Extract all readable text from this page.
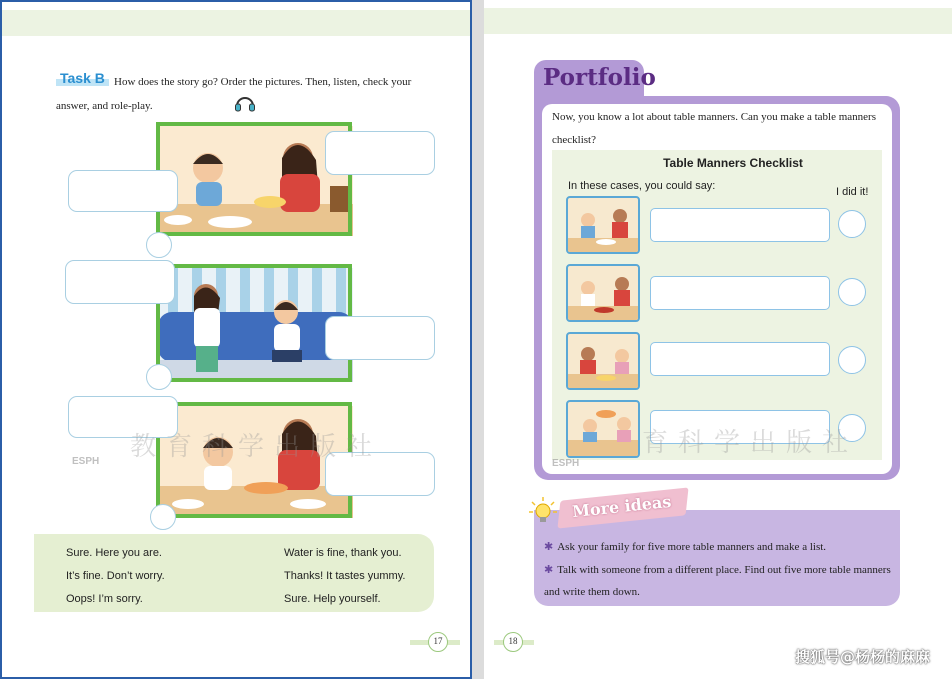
How does the story go? Order the pictures. Then, listen, check your answer, and role-play.
Task B
ESPH 教育科学出版社
Sure. Here you are.
It’s fine. Don’t worry.
Oops! I’m sorry.
Water is fine, thank you.
Thanks! It tastes yummy.
Sure. Help yourself.
17
Portfolio
Now, you know a lot about table manners. Can you make a table manners checklist?
Table Manners Checklist
In these cases, you could say:	I did it!
ESPH
育科学出版社
More ideas
✱ Ask your family for five more table manners and make a list.
✱ Talk with someone from a different place. Find out five more table manners and write them down.
18
搜狐号@杨杨的麻麻
